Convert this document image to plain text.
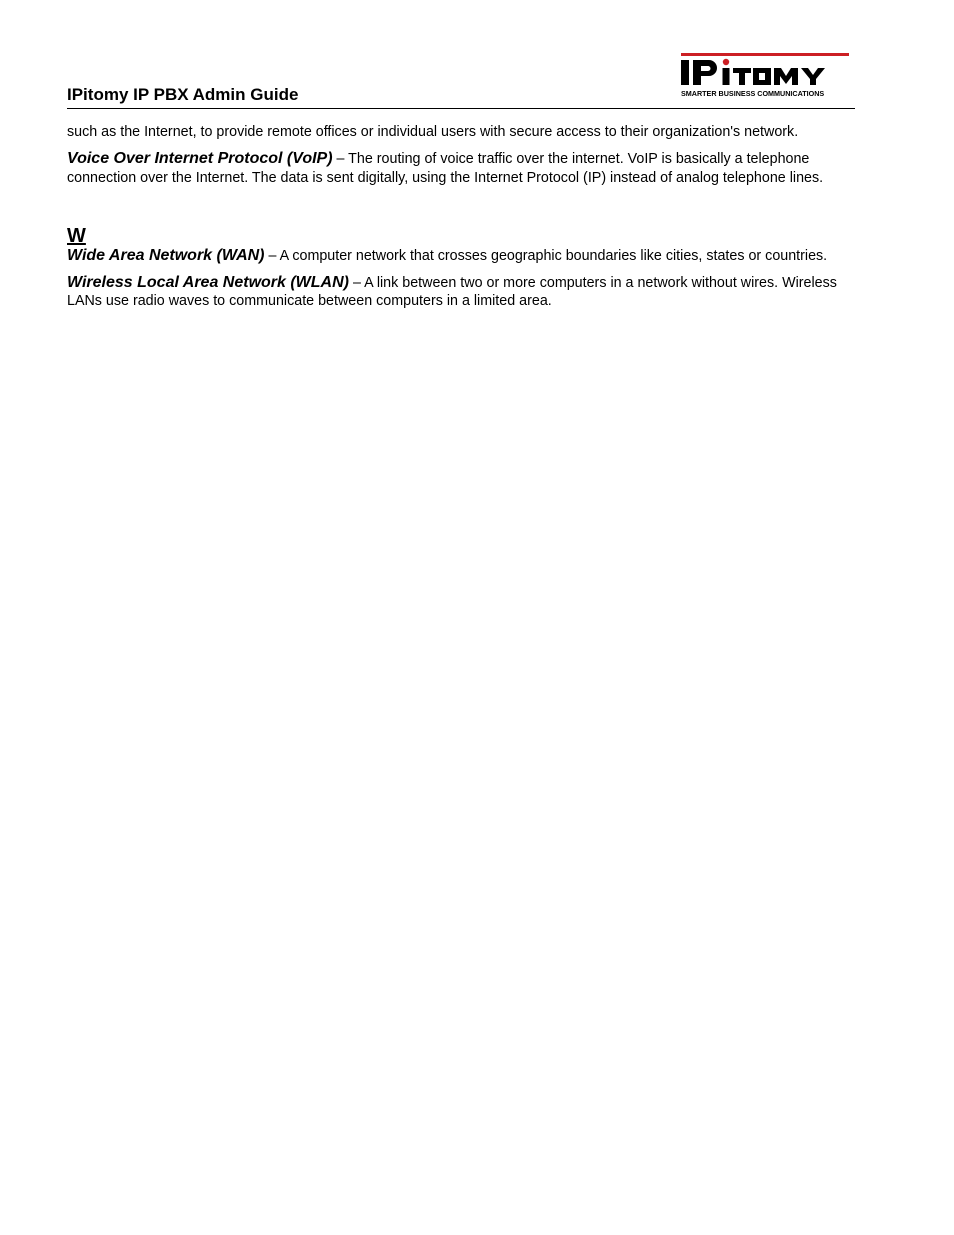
IPitomy IP PBX Admin Guide	SMARTER BUSINESS COMMUNICATIONS

such as the Internet, to provide remote offices or individual users with secure access to their organization's network.

Voice Over Internet Protocol (VoIP) – The routing of voice traffic over the internet. VoIP is basically a telephone connection over the Internet. The data is sent digitally, using the Internet Protocol (IP) instead of analog telephone lines.

W

Wide Area Network (WAN) – A computer network that crosses geographic boundaries like cities, states or countries.

Wireless Local Area Network (WLAN) – A link between two or more computers in a network without wires. Wireless LANs use radio waves to communicate between computers in a limited area.
